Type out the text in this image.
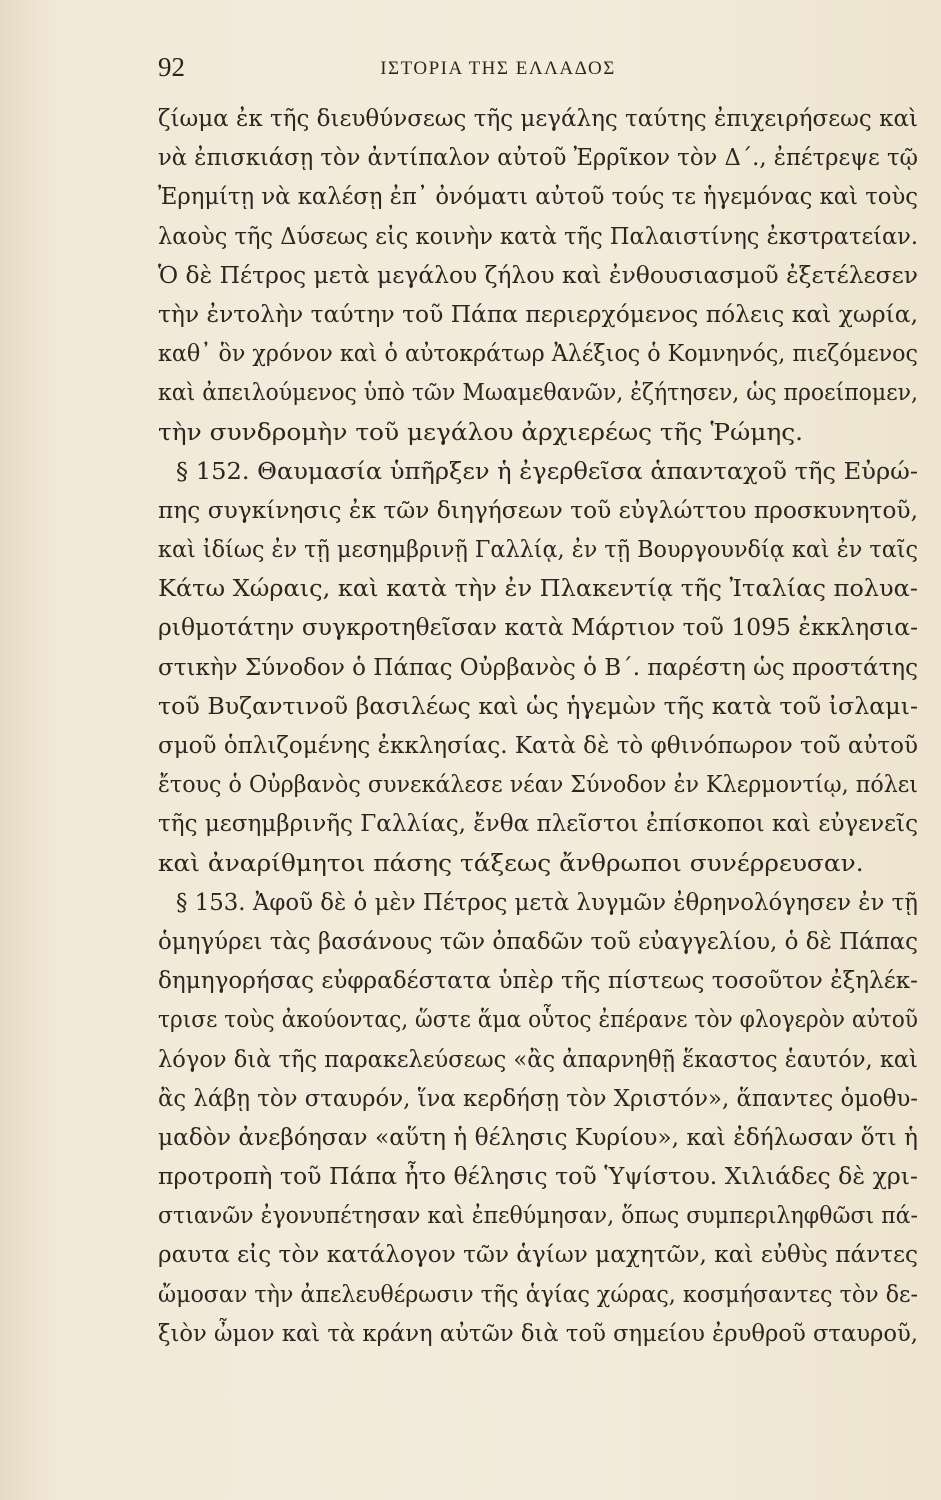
92	ΙΣΤΟΡΙΑ ΤΗΣ ΕΛΛΑΔΟΣ
ζίωμα ἐκ τῆς διευθύνσεως τῆς μεγάλης ταύτης ἐπιχειρήσεως καὶ
νὰ ἐπισκιάσῃ τὸν ἀντίπαλον αὐτοῦ Ἐρρῖκον τὸν Δ΄., ἐπέτρεψε τῷ
Ἐρημίτῃ νὰ καλέσῃ ἐπ᾽ ὀνόματι αὐτοῦ τούς τε ἡγεμόνας καὶ τοὺς
λαοὺς τῆς Δύσεως εἰς κοινὴν κατὰ τῆς Παλαιστίνης ἐκστρατείαν.
Ὁ δὲ Πέτρος μετὰ μεγάλου ζήλου καὶ ἐνθουσιασμοῦ ἐξετέλεσεν
τὴν ἐντολὴν ταύτην τοῦ Πάπα περιερχόμενος πόλεις καὶ χωρία,
καθ᾽ ὃν χρόνον καὶ ὁ αὐτοκράτωρ Ἀλέξιος ὁ Κομνηνός, πιεζόμενος
καὶ ἀπειλούμενος ὑπὸ τῶν Μωαμεθανῶν, ἐζήτησεν, ὡς προείπομεν,
τὴν συνδρομὴν τοῦ μεγάλου ἀρχιερέως τῆς Ῥώμης.
§ 152. Θαυμασία ὑπῆρξεν ἡ ἐγερθεῖσα ἁπανταχοῦ τῆς Εὐρώ-
πης συγκίνησις ἐκ τῶν διηγήσεων τοῦ εὐγλώττου προσκυνητοῦ,
καὶ ἰδίως ἐν τῇ μεσημβρινῇ Γαλλίᾳ, ἐν τῇ Βουργουνδίᾳ καὶ ἐν ταῖς
Κάτω Χώραις, καὶ κατὰ τὴν ἐν Πλακεντίᾳ τῆς Ἰταλίας πολυα-
ριθμοτάτην συγκροτηθεῖσαν κατὰ Μάρτιον τοῦ 1095 ἐκκλησια-
στικὴν Σύνοδον ὁ Πάπας Οὐρβανὸς ὁ Β΄. παρέστη ὡς προστάτης
τοῦ Βυζαντινοῦ βασιλέως καὶ ὡς ἡγεμὼν τῆς κατὰ τοῦ ἰσλαμι-
σμοῦ ὁπλιζομένης ἐκκλησίας. Κατὰ δὲ τὸ φθινόπωρον τοῦ αὐτοῦ
ἔτους ὁ Οὐρβανὸς συνεκάλεσε νέαν Σύνοδον ἐν Κλερμοντίῳ, πόλει
τῆς μεσημβρινῆς Γαλλίας, ἔνθα πλεῖστοι ἐπίσκοποι καὶ εὐγενεῖς
καὶ ἀναρίθμητοι πάσης τάξεως ἄνθρωποι συνέρρευσαν.
§ 153. Ἀφοῦ δὲ ὁ μὲν Πέτρος μετὰ λυγμῶν ἐθρηνολόγησεν ἐν τῇ
ὁμηγύρει τὰς βασάνους τῶν ὀπαδῶν τοῦ εὐαγγελίου, ὁ δὲ Πάπας
δημηγορήσας εὐφραδέστατα ὑπὲρ τῆς πίστεως τοσοῦτον ἐξηλέκ-
τρισε τοὺς ἀκούοντας, ὥστε ἅμα οὗτος ἐπέρανε τὸν φλογερὸν αὐτοῦ
λόγον διὰ τῆς παρακελεύσεως «ἂς ἀπαρνηθῇ ἕκαστος ἑαυτόν, καὶ
ἂς λάβῃ τὸν σταυρόν, ἵνα κερδήσῃ τὸν Χριστόν», ἅπαντες ὁμοθυ-
μαδὸν ἀνεβόησαν «αὕτη ἡ θέλησις Κυρίου», καὶ ἐδήλωσαν ὅτι ἡ
προτροπὴ τοῦ Πάπα ἦτο θέλησις τοῦ Ὑψίστου. Χιλιάδες δὲ χρι-
στιανῶν ἐγονυπέτησαν καὶ ἐπεθύμησαν, ὅπως συμπεριληφθῶσι πά-
ραυτα εἰς τὸν κατάλογον τῶν ἁγίων μαχητῶν, καὶ εὐθὺς πάντες
ὤμοσαν τὴν ἀπελευθέρωσιν τῆς ἁγίας χώρας, κοσμήσαντες τὸν δε-
ξιὸν ὦμον καὶ τὰ κράνη αὐτῶν διὰ τοῦ σημείου ἐρυθροῦ σταυροῦ,
